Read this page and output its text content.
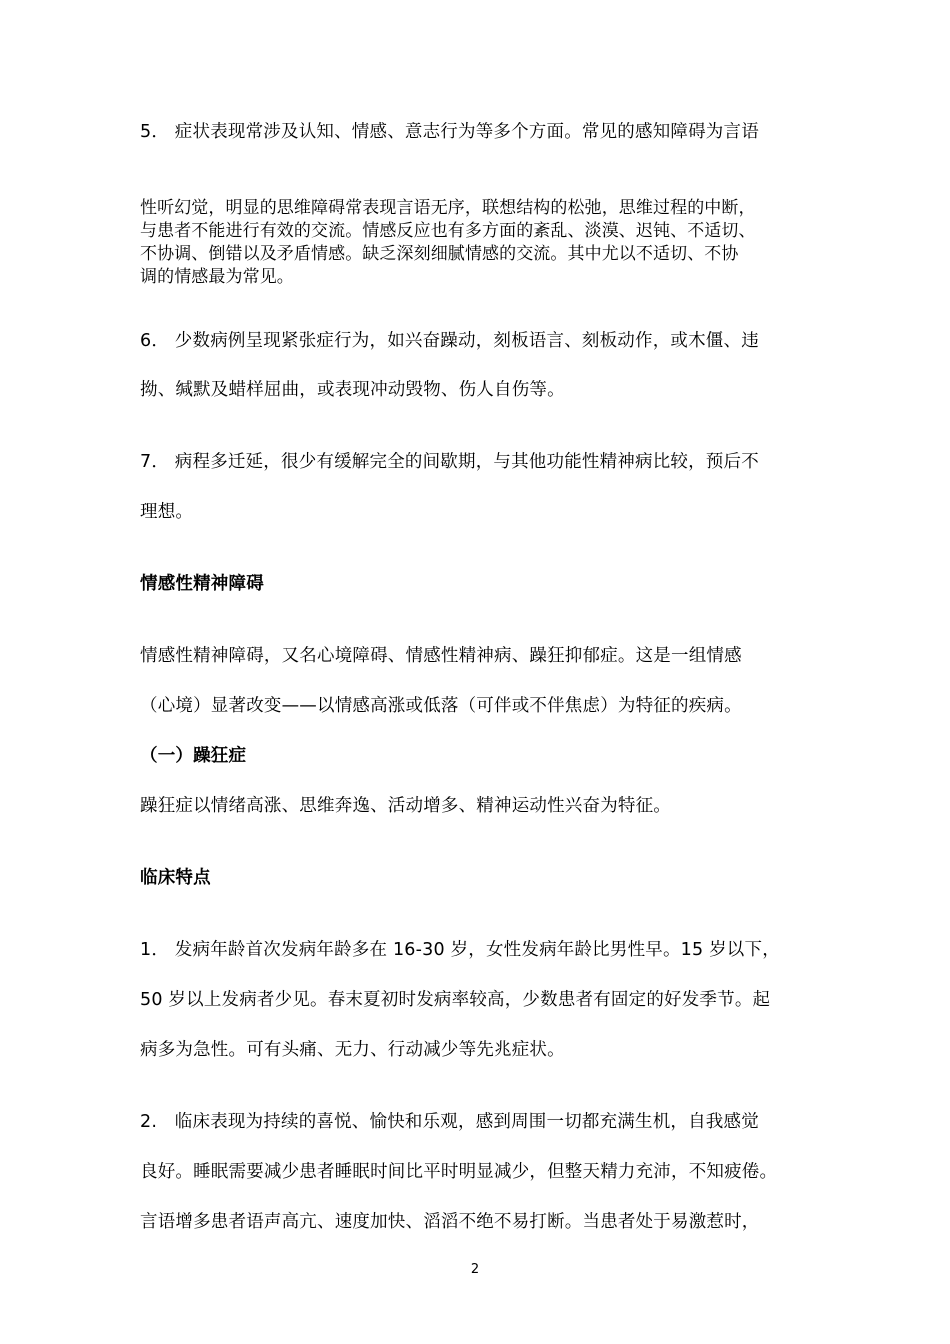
5． 症状表现常涉及认知、情感、意志行为等多个方面。常见的感知障碍为言语
性听幻觉，明显的思维障碍常表现言语无序，联想结构的松弛，思维过程的中断，
与患者不能进行有效的交流。情感反应也有多方面的紊乱、淡漠、迟钝、不适切、
不协调、倒错以及矛盾情感。缺乏深刻细腻情感的交流。其中尤以不适切、不协
调的情感最为常见。
6． 少数病例呈现紧张症行为，如兴奋躁动，刻板语言、刻板动作，或木僵、违
拗、缄默及蜡样屈曲，或表现冲动毁物、伤人自伤等。
7． 病程多迁延，很少有缓解完全的间歇期，与其他功能性精神病比较，预后不
理想。
情感性精神障碍
情感性精神障碍，又名心境障碍、情感性精神病、躁狂抑郁症。这是一组情感
（心境）显著改变——以情感高涨或低落（可伴或不伴焦虑）为特征的疾病。
（一）躁狂症
躁狂症以情绪高涨、思维奔逸、活动增多、精神运动性兴奋为特征。
临床特点
1． 发病年龄首次发病年龄多在 16-30 岁，女性发病年龄比男性早。15 岁以下，
50 岁以上发病者少见。春末夏初时发病率较高，少数患者有固定的好发季节。起
病多为急性。可有头痛、无力、行动减少等先兆症状。
2.　临床表现为持续的喜悦、愉快和乐观，感到周围一切都充满生机，自我感觉
良好。睡眠需要减少患者睡眠时间比平时明显减少，但整天精力充沛，不知疲倦。
言语增多患者语声高亢、速度加快、滔滔不绝不易打断。当患者处于易激惹时，
2
